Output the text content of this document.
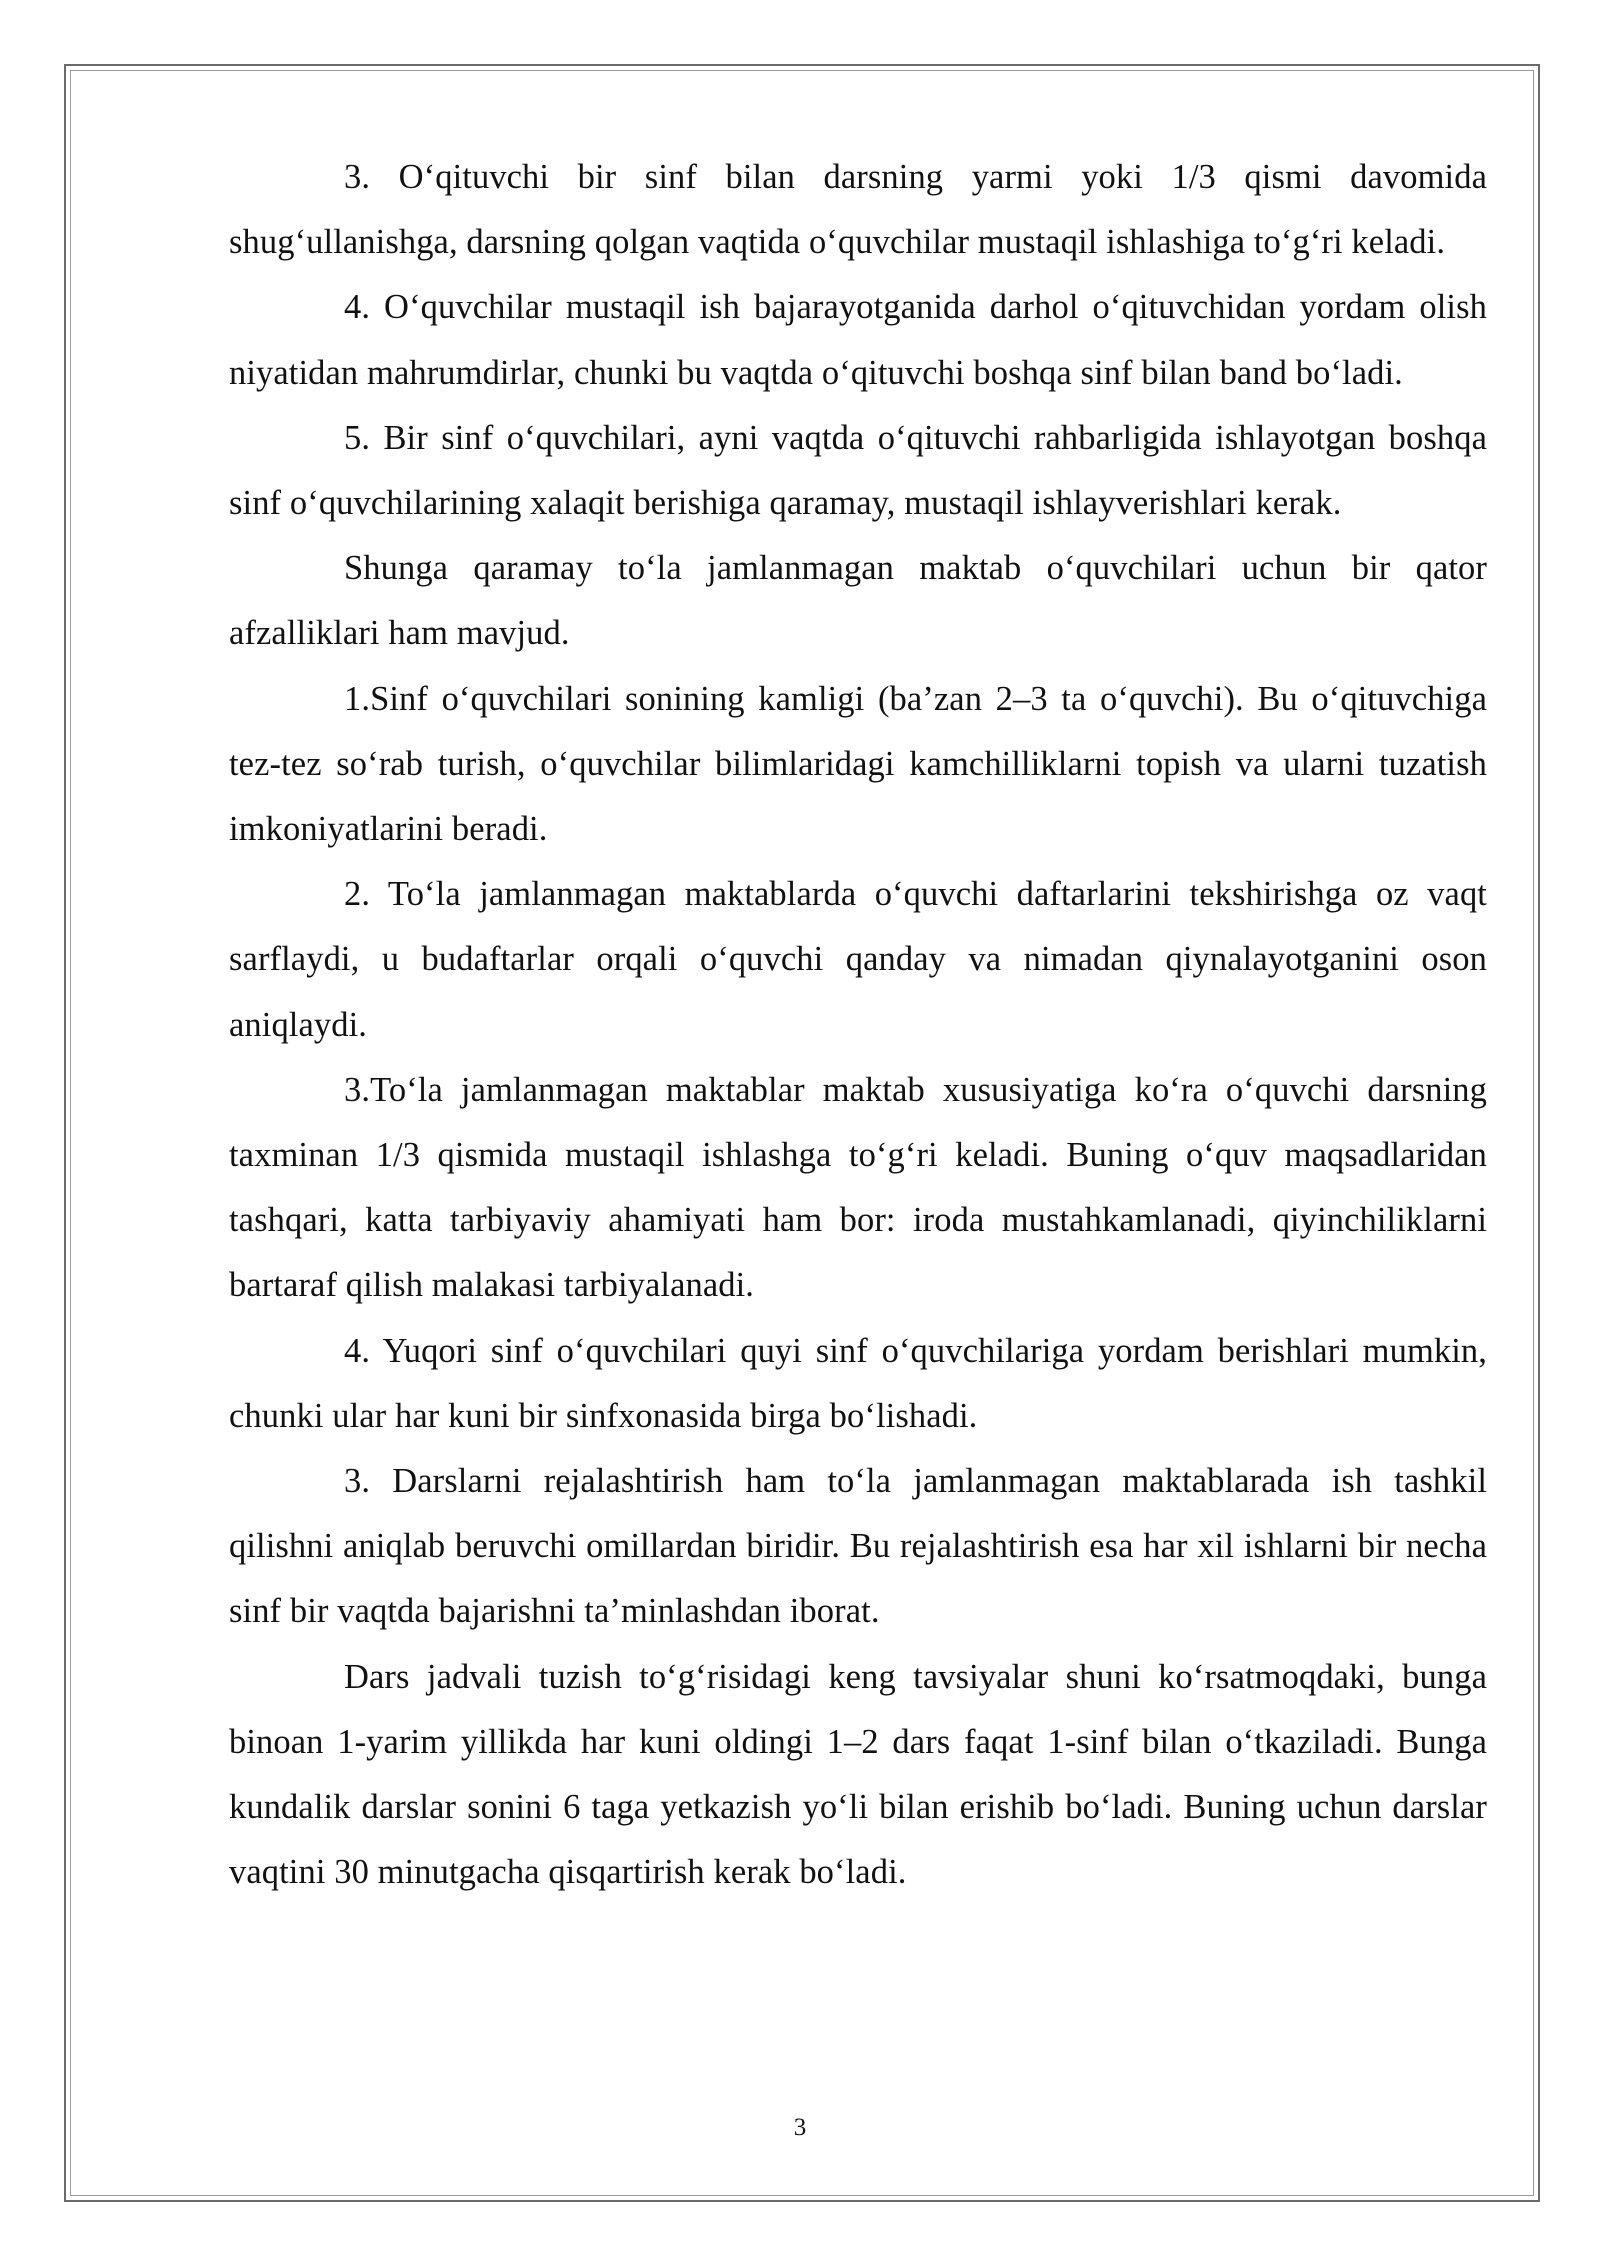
3. O‘qituvchi bir sinf bilan darsning yarmi yoki 1/3 qismi davomida shug‘ullanishga, darsning qolgan vaqtida o‘quvchilar mustaqil ishlashiga to‘g‘ri keladi.

4. O‘quvchilar mustaqil ish bajarayotganida darhol o‘qituvchidan yordam olish niyatidan mahrumdirlar, chunki bu vaqtda o‘qituvchi boshqa sinf bilan band bo‘ladi.

5. Bir sinf o‘quvchilari, ayni vaqtda o‘qituvchi rahbarligida ishlayotgan boshqa sinf o‘quvchilarining xalaqit berishiga qaramay, mustaqil ishlayverishlari kerak.

Shunga qaramay to‘la jamlanmagan maktab o‘quvchilari uchun bir qator afzalliklari ham mavjud.

1.Sinf o‘quvchilari sonining kamligi (ba’zan 2–3 ta o‘quvchi). Bu o‘qituvchiga tez-tez so‘rab turish, o‘quvchilar bilimlaridagi kamchilliklarni topish va ularni tuzatish imkoniyatlarini beradi.

2. To‘la jamlanmagan maktablarda o‘quvchi daftarlarini tekshirishga oz vaqt sarflaydi, u budaftarlar orqali o‘quvchi qanday va nimadan qiynalayotganini oson aniqlaydi.

3.To‘la jamlanmagan maktablar maktab xususiyatiga ko‘ra o‘quvchi darsning taxminan 1/3 qismida mustaqil ishlashga to‘g‘ri keladi. Buning o‘quv maqsadlaridan tashqari, katta tarbiyaviy ahamiyati ham bor: iroda mustahkamlanadi, qiyinchiliklarni bartaraf qilish malakasi tarbiyalanadi.

4. Yuqori sinf o‘quvchilari quyi sinf o‘quvchilariga yordam berishlari mumkin, chunki ular har kuni bir sinfxonasida birga bo‘lishadi.

3. Darslarni rejalashtirish ham to‘la jamlanmagan maktablarada ish tashkil qilishni aniqlab beruvchi omillardan biridir. Bu rejalashtirish esa har xil ishlarni bir necha sinf bir vaqtda bajarishni ta’minlashdan iborat.

Dars jadvali tuzish to‘g‘risidagi keng tavsiyalar shuni ko‘rsatmoqdaki, bunga binoan 1-yarim yillikda har kuni oldingi 1–2 dars faqat 1-sinf bilan o‘tkaziladi. Bunga kundalik darslar sonini 6 taga yetkazish yo‘li bilan erishib bo‘ladi. Buning uchun darslar vaqtini 30 minutgacha qisqartirish kerak bo‘ladi.

3
